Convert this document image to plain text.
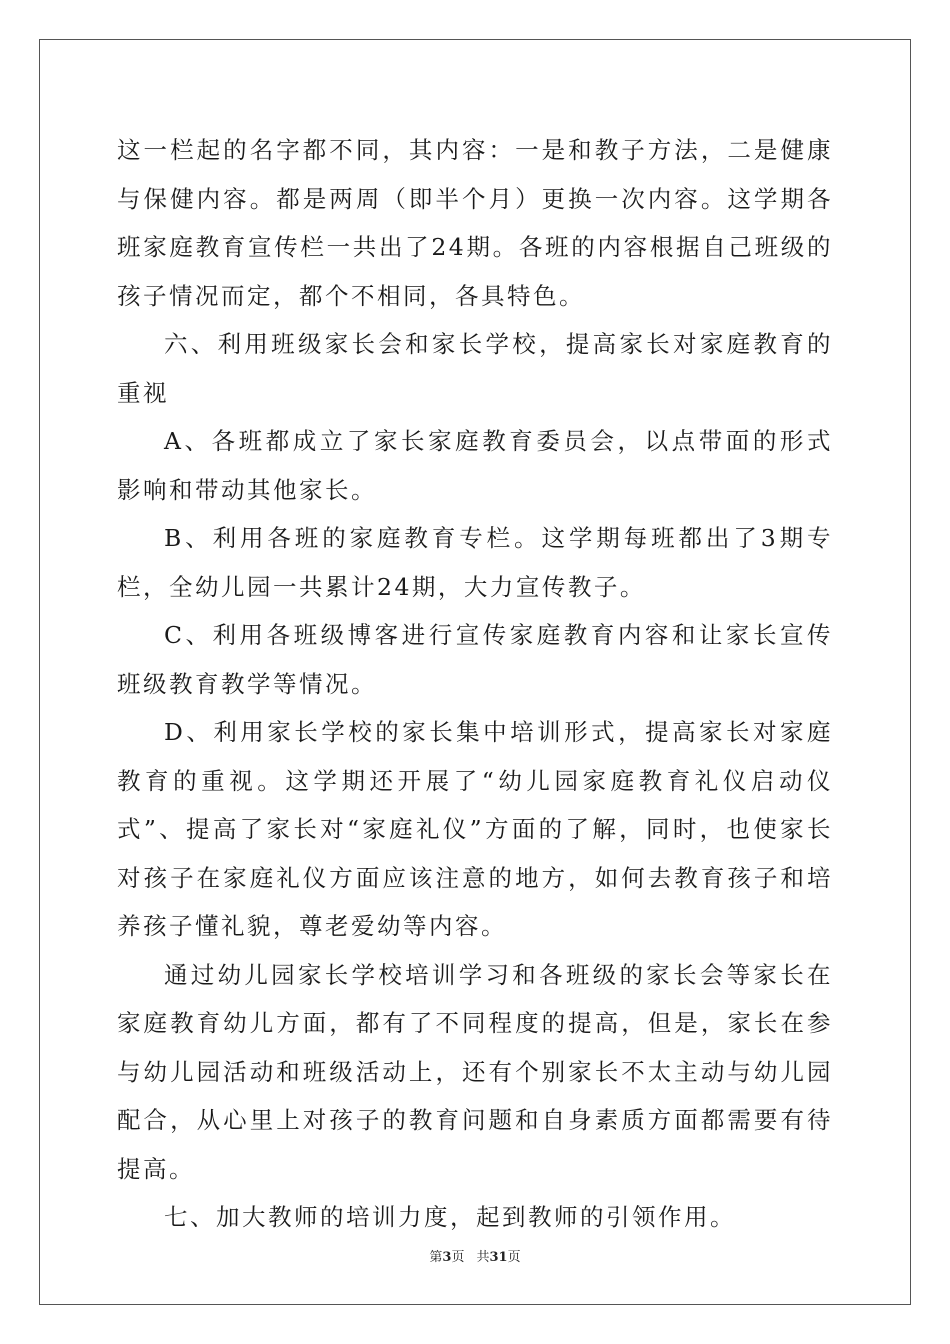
这一栏起的名字都不同，其内容：一是和教子方法，二是健康与保健内容。都是两周（即半个月）更换一次内容。这学期各班家庭教育宣传栏一共出了24期。各班的内容根据自己班级的孩子情况而定，都个不相同，各具特色。

六、利用班级家长会和家长学校，提高家长对家庭教育的重视

A、各班都成立了家长家庭教育委员会，以点带面的形式影响和带动其他家长。

B、利用各班的家庭教育专栏。这学期每班都出了3期专栏，全幼儿园一共累计24期，大力宣传教子。

C、利用各班级博客进行宣传家庭教育内容和让家长宣传班级教育教学等情况。

D、利用家长学校的家长集中培训形式，提高家长对家庭教育的重视。这学期还开展了“幼儿园家庭教育礼仪启动仪式”、提高了家长对“家庭礼仪”方面的了解，同时，也使家长对孩子在家庭礼仪方面应该注意的地方，如何去教育孩子和培养孩子懂礼貌，尊老爱幼等内容。

通过幼儿园家长学校培训学习和各班级的家长会等家长在家庭教育幼儿方面，都有了不同程度的提高，但是，家长在参与幼儿园活动和班级活动上，还有个别家长不太主动与幼儿园配合，从心里上对孩子的教育问题和自身素质方面都需要有待提高。

七、加大教师的培训力度，起到教师的引领作用。

第3页 共31页
